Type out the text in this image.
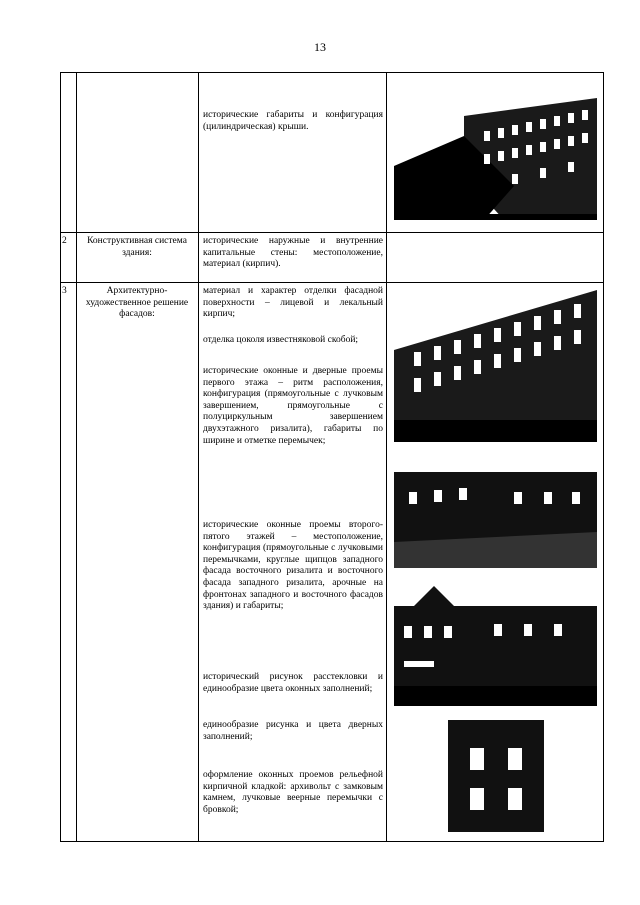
13
исторические габариты и конфигурация (цилиндрическая) крыши.
2	Конструктивная система здания:
исторические наружные и внутренние капитальные стены: местоположение, материал (кирпич).
3	Архитектурно-художественное решение фасадов:
материал и характер отделки фасадной поверхности – лицевой и лекальный кирпич;
отделка цоколя известняковой скобой;
исторические оконные и дверные проемы первого этажа – ритм расположения, конфигурация (прямоугольные с лучковым завершением, прямоугольные с полуциркульным завершением двухэтажного ризалита), габариты по ширине и отметке перемычек;
исторические оконные проемы второго-пятого этажей – местоположение, конфигурация (прямоугольные с лучковыми перемычками, круглые щипцов западного фасада восточного ризалита и восточного фасада западного ризалита, арочные на фронтонах западного и восточного фасадов здания) и габариты;
исторический рисунок расстекловки и единообразие цвета оконных заполнений;
единообразие рисунка и цвета дверных заполнений;
оформление оконных проемов рельефной кирпичной кладкой: архивольт с замковым камнем, лучковые веерные перемычки с бровкой;
